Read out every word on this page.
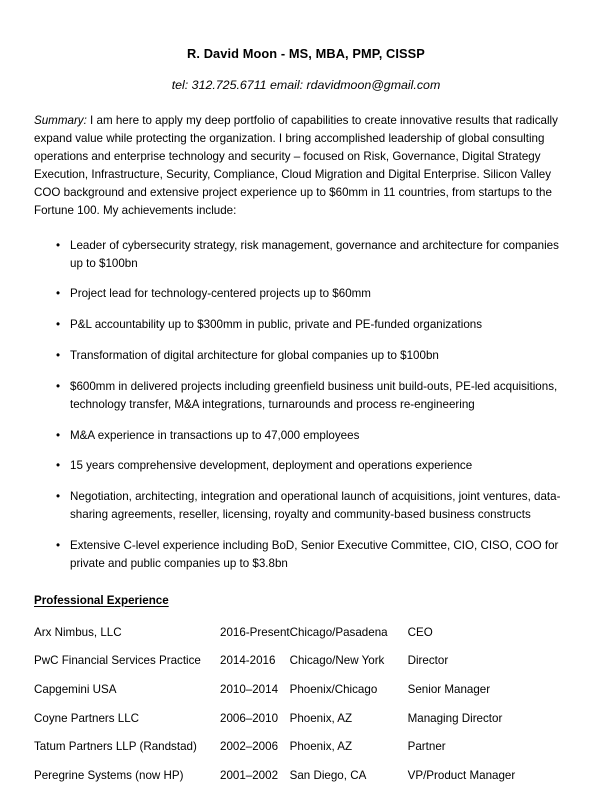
R. David Moon - MS, MBA, PMP, CISSP

tel: 312.725.6711 email: rdavidmoon@gmail.com

Summary: I am here to apply my deep portfolio of capabilities to create innovative results that radically expand value while protecting the organization. I bring accomplished leadership of global consulting operations and enterprise technology and security – focused on Risk, Governance, Digital Strategy Execution, Infrastructure, Security, Compliance, Cloud Migration and Digital Enterprise. Silicon Valley COO background and extensive project experience up to $60mm in 11 countries, from startups to the Fortune 100. My achievements include:

• Leader of cybersecurity strategy, risk management, governance and architecture for companies up to $100bn
• Project lead for technology-centered projects up to $60mm
• P&L accountability up to $300mm in public, private and PE-funded organizations
• Transformation of digital architecture for global companies up to $100bn
• $600mm in delivered projects including greenfield business unit build-outs, PE-led acquisitions, technology transfer, M&A integrations, turnarounds and process re-engineering
• M&A experience in transactions up to 47,000 employees
• 15 years comprehensive development, deployment and operations experience
• Negotiation, architecting, integration and operational launch of acquisitions, joint ventures, data-sharing agreements, reseller, licensing, royalty and community-based business constructs
• Extensive C-level experience including BoD, Senior Executive Committee, CIO, CISO, COO for private and public companies up to $3.8bn
Professional Experience
Arx Nimbus, LLC	2016-Present	Chicago/Pasadena	CEO
PwC Financial Services Practice	2014-2016	Chicago/New York	Director
Capgemini USA	2010–2014	Phoenix/Chicago	Senior Manager
Coyne Partners LLC	2006–2010	Phoenix, AZ	Managing Director
Tatum Partners LLP (Randstad)	2002–2006	Phoenix, AZ	Partner
Peregrine Systems (now HP)	2001–2002	San Diego, CA	VP/Product Manager
